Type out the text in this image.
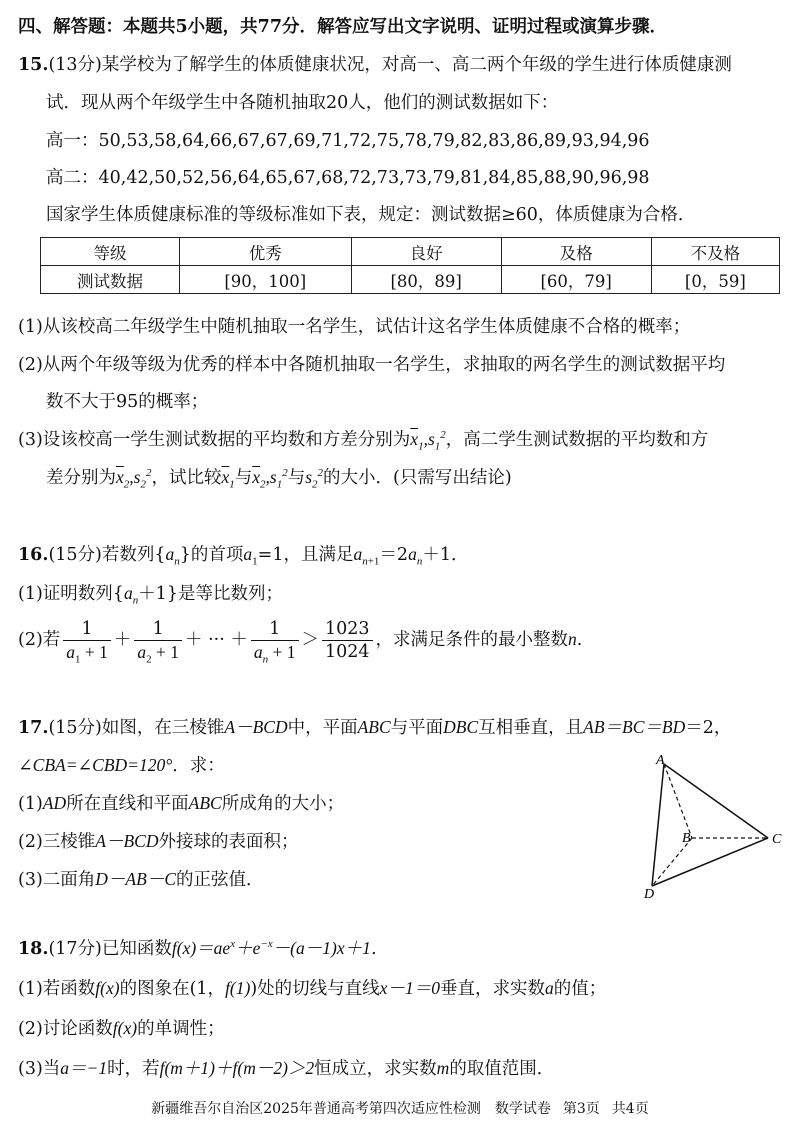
四、解答题：本题共5小题，共77分．解答应写出文字说明、证明过程或演算步骤．
15.(13分)某学校为了解学生的体质健康状况，对高一、高二两个年级的学生进行体质健康测
试．现从两个年级学生中各随机抽取20人，他们的测试数据如下：
高一：50,53,58,64,66,67,67,69,71,72,75,78,79,82,83,86,89,93,94,96
高二：40,42,50,52,56,64,65,67,68,72,73,73,79,81,84,85,88,90,96,98
国家学生体质健康标准的等级标准如下表，规定：测试数据≥60，体质健康为合格．
等级	优秀	良好	及格	不及格
测试数据	[90，100]	[80，89]	[60，79]	[0，59]
(1)从该校高二年级学生中随机抽取一名学生，试估计这名学生体质健康不合格的概率；
(2)从两个年级等级为优秀的样本中各随机抽取一名学生，求抽取的两名学生的测试数据平均
数不大于95的概率；
(3)设该校高一学生测试数据的平均数和方差分别为$\overline{x}_1,s_1^2$，高二学生测试数据的平均数和方
差分别为$\overline{x}_2,s_2^2$，试比较$\overline{x}_1$与$\overline{x}_2,s_1^2$与$s_2^2$的大小．(只需写出结论)
16.(15分)若数列$\{a_n\}$的首项$a_1=1$，且满足$a_{n+1}=2a_n+1$．
(1)证明数列$\{a_n+1\}$是等比数列；
(2)若 $\frac{1}{a_1 + 1} + \frac{1}{a_2 + 1}$ ＋ ··· ＋ $\frac{1}{a_n + 1} > \frac{1023}{1024}$ ，求满足条件的最小整数n.
17.(15分)如图，在三棱锥A－BCD中，平面ABC与平面DBC互相垂直，且AB＝BC＝BD＝2，
∠CBA=∠CBD=120°．求：
(1)AD所在直线和平面ABC所成角的大小；
(2)三棱锥A－BCD外接球的表面积；
(3)二面角D－AB－C的正弦值．
A
B	C
D
18.(17分)已知函数$f(x)=ae^x+e^{-x}-(a-1)x+1$．
(1)若函数f(x)的图象在(1，f(1))处的切线与直线x－1＝0垂直，求实数a的值；
(2)讨论函数f(x)的单调性；
(3)当a＝−1时，若f(m＋1)＋f(m－2)＞2恒成立，求实数m的取值范围．
新疆维吾尔自治区2025年普通高考第四次适应性检测　数学试卷 第3页 共4页
